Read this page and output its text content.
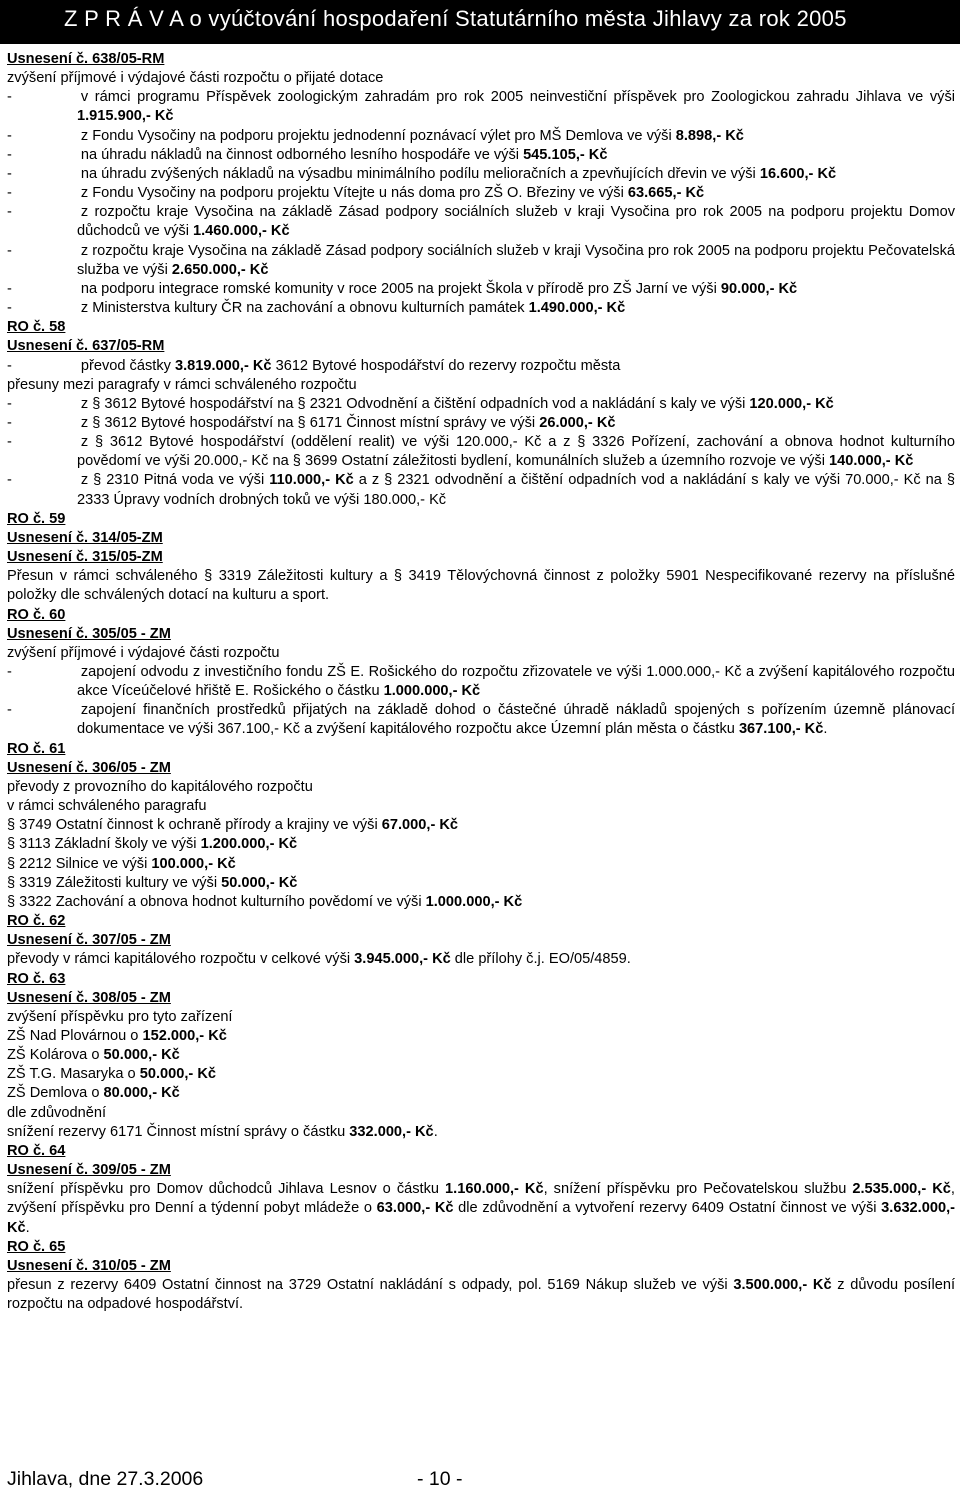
Z P R Á V A o vyúčtování hospodaření Statutárního města Jihlavy za rok 2005

Usnesení č. 638/05-RM

zvýšení příjmové i výdajové části rozpočtu o přijaté dotace

-	v rámci programu Příspěvek zoologickým zahradám pro rok 2005 neinvestiční příspěvek pro Zoologickou zahradu Jihlava ve výši 1.915.900,- Kč

-	z Fondu Vysočiny na podporu projektu jednodenní poznávací výlet pro MŠ Demlova ve výši 8.898,- Kč

-	na úhradu nákladů na činnost odborného lesního hospodáře ve výši 545.105,- Kč

-	na úhradu zvýšených nákladů na výsadbu minimálního podílu melioračních a zpevňujících dřevin ve výši 16.600,- Kč

-	z Fondu Vysočiny na podporu projektu Vítejte u nás doma pro ZŠ O. Březiny ve výši 63.665,- Kč

-	z rozpočtu kraje Vysočina na základě Zásad podpory sociálních služeb v kraji Vysočina pro rok 2005 na podporu projektu Domov důchodců ve výši 1.460.000,- Kč

-	z rozpočtu kraje Vysočina na základě Zásad podpory sociálních služeb v kraji Vysočina pro rok 2005 na podporu projektu Pečovatelská služba ve výši 2.650.000,- Kč

-	na podporu integrace romské komunity v roce 2005 na projekt Škola v přírodě pro ZŠ Jarní ve výši 90.000,- Kč

-	z Ministerstva kultury ČR na zachování a obnovu kulturních památek 1.490.000,- Kč

RO č. 58

Usnesení č. 637/05-RM

-	převod částky 3.819.000,- Kč 3612 Bytové hospodářství do rezervy rozpočtu města

přesuny mezi paragrafy v rámci schváleného rozpočtu

-	z § 3612 Bytové hospodářství na § 2321 Odvodnění a čištění odpadních vod a nakládání s kaly ve výši 120.000,- Kč

-	z § 3612 Bytové hospodářství na § 6171 Činnost místní správy ve výši 26.000,- Kč

-	z § 3612 Bytové hospodářství (oddělení realit) ve výši 120.000,- Kč a z § 3326 Pořízení, zachování a obnova hodnot kulturního povědomí ve výši 20.000,- Kč na § 3699 Ostatní záležitosti bydlení, komunálních služeb a územního rozvoje ve výši 140.000,- Kč

-	z § 2310 Pitná voda ve výši 110.000,- Kč a z § 2321 odvodnění a čištění odpadních vod a nakládání s kaly ve výši 70.000,- Kč na § 2333 Úpravy vodních drobných toků ve výši 180.000,- Kč

RO č. 59

Usnesení č. 314/05-ZM

Usnesení č. 315/05-ZM

Přesun v rámci schváleného § 3319 Záležitosti kultury a § 3419 Tělovýchovná činnost z položky 5901 Nespecifikované rezervy na příslušné položky dle schválených dotací na kulturu a sport.

RO č. 60

Usnesení č. 305/05 - ZM

zvýšení příjmové i výdajové části rozpočtu

-	zapojení odvodu z investičního fondu ZŠ E. Rošického do rozpočtu zřizovatele ve výši 1.000.000,- Kč a zvýšení kapitálového rozpočtu akce Víceúčelové hřiště E. Rošického o částku 1.000.000,- Kč

-	zapojení finančních prostředků přijatých na základě dohod o částečné úhradě nákladů spojených s pořízením územně plánovací dokumentace ve výši 367.100,- Kč a zvýšení kapitálového rozpočtu akce Územní plán města o částku 367.100,- Kč.

RO č. 61

Usnesení č. 306/05 - ZM

převody z provozního do kapitálového rozpočtu

v rámci schváleného paragrafu

§ 3749 Ostatní činnost k ochraně přírody a krajiny ve výši 67.000,- Kč

§ 3113 Základní školy ve výši 1.200.000,- Kč

§ 2212 Silnice ve výši 100.000,- Kč

§ 3319 Záležitosti kultury ve výši 50.000,- Kč

§ 3322 Zachování a obnova hodnot kulturního povědomí ve výši 1.000.000,- Kč

RO č. 62

Usnesení č. 307/05 - ZM

převody v rámci kapitálového rozpočtu v celkové výši 3.945.000,- Kč dle přílohy č.j. EO/05/4859.

RO č. 63

Usnesení č. 308/05 - ZM

zvýšení příspěvku pro tyto zařízení

ZŠ Nad Plovárnou o 152.000,- Kč

ZŠ Kolárova o 50.000,- Kč

ZŠ T.G. Masaryka o 50.000,- Kč

ZŠ Demlova o 80.000,- Kč

dle zdůvodnění

snížení rezervy 6171 Činnost místní správy o částku 332.000,- Kč.

RO č. 64

Usnesení č. 309/05 - ZM

snížení příspěvku pro Domov důchodců Jihlava Lesnov o částku 1.160.000,- Kč, snížení příspěvku pro Pečovatelskou službu 2.535.000,- Kč, zvýšení příspěvku pro Denní a týdenní pobyt mládeže o 63.000,- Kč dle zdůvodnění a vytvoření rezervy 6409 Ostatní činnost ve výši 3.632.000,- Kč.

RO č. 65

Usnesení č. 310/05 - ZM

přesun z rezervy 6409 Ostatní činnost na 3729 Ostatní nakládání s odpady, pol. 5169 Nákup služeb ve výši 3.500.000,- Kč z důvodu posílení rozpočtu na odpadové hospodářství.

Jihlava, dne 27.3.2006	- 10 -
